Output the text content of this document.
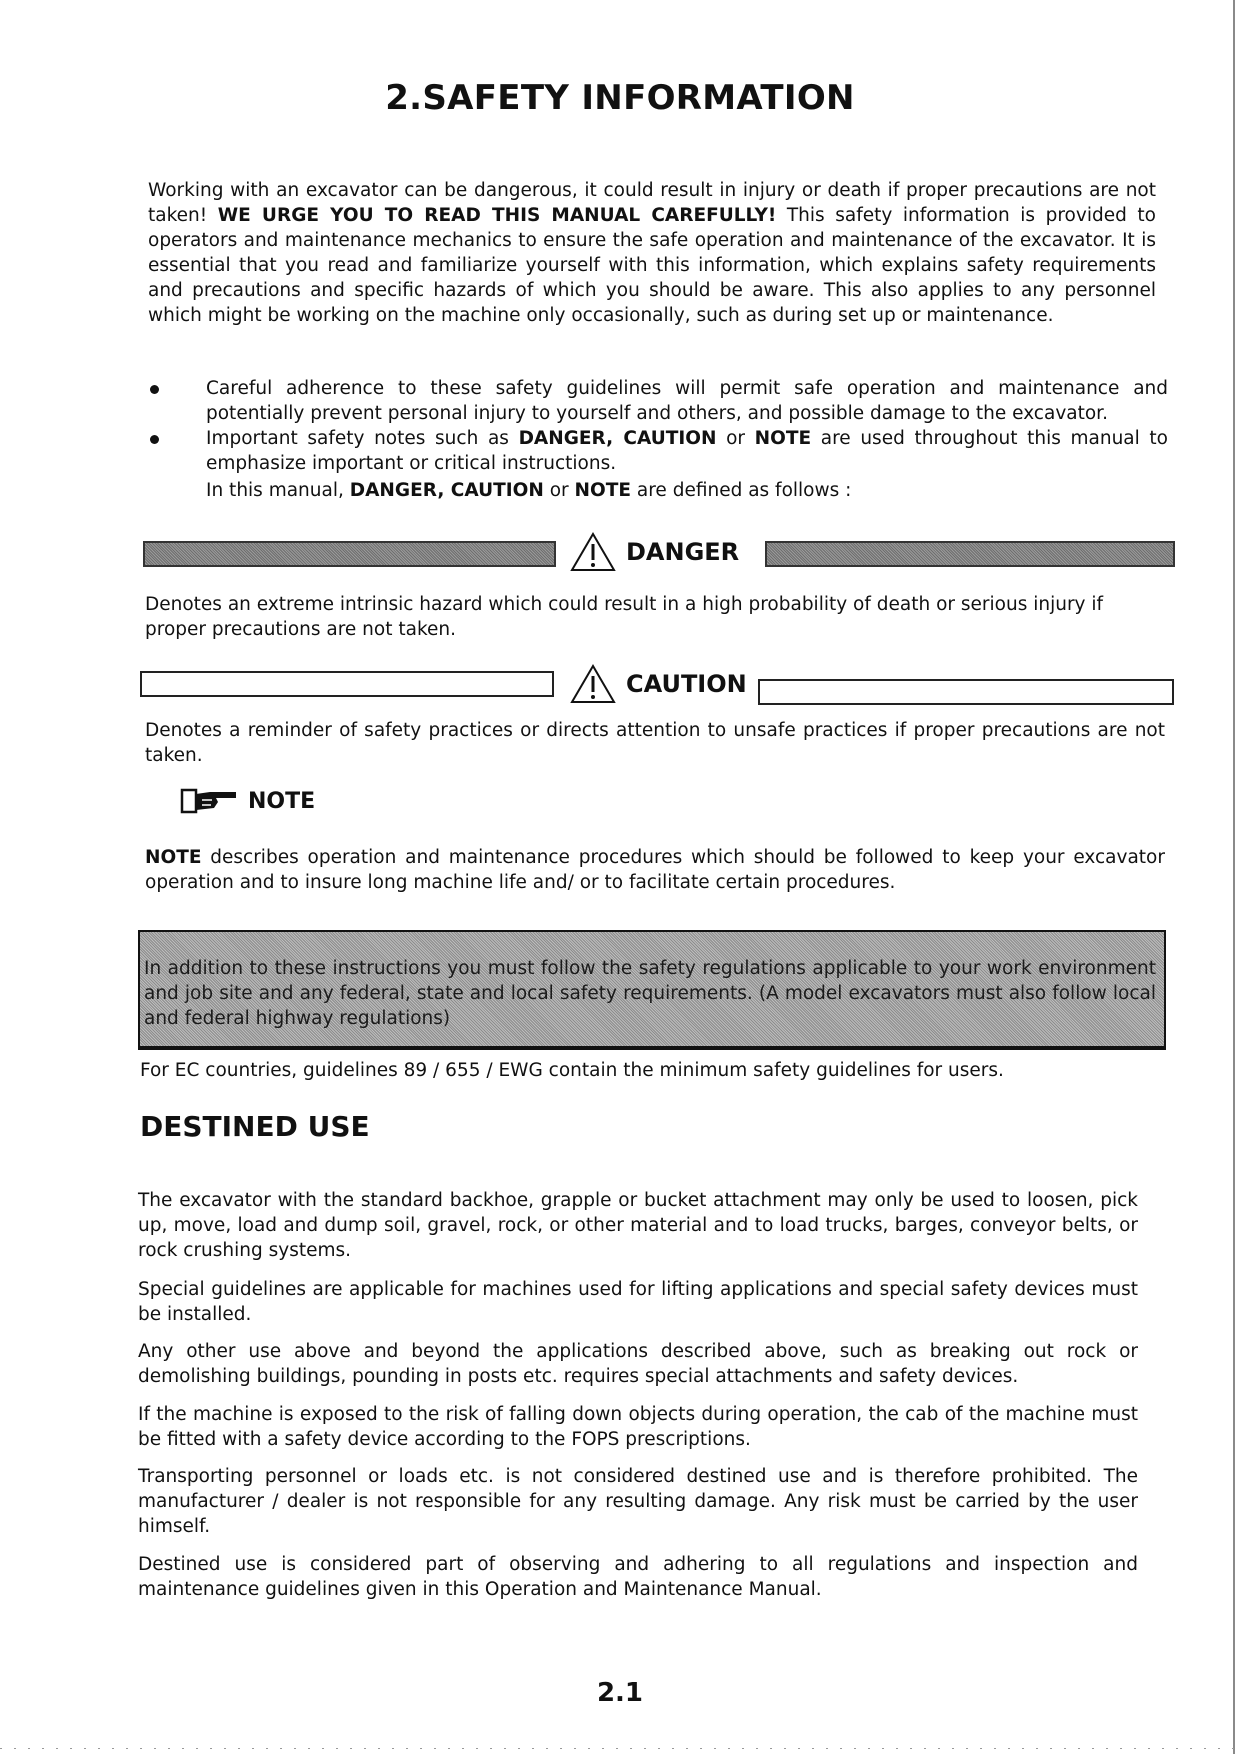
2.SAFETY INFORMATION
Working with an excavator can be dangerous, it could result in injury or death if proper precautions are not taken! WE URGE YOU TO READ THIS MANUAL CAREFULLY! This safety information is provided to operators and maintenance mechanics to ensure the safe operation and maintenance of the excavator. It is essential that you read and familiarize yourself with this information, which explains safety requirements and precautions and specific hazards of which you should be aware. This also applies to any personnel which might be working on the machine only occasionally, such as during set up or maintenance.
Careful adherence to these safety guidelines will permit safe operation and maintenance and potentially prevent personal injury to yourself and others, and possible damage to the excavator.
Important safety notes such as DANGER, CAUTION or NOTE are used throughout this manual to emphasize important or critical instructions.
In this manual, DANGER, CAUTION or NOTE are defined as follows :
DANGER
Denotes an extreme intrinsic hazard which could result in a high probability of death or serious injury if proper precautions are not taken.
CAUTION
Denotes a reminder of safety practices or directs attention to unsafe practices if proper precautions are not taken.
NOTE
NOTE describes operation and maintenance procedures which should be followed to keep your excavator operation and to insure long machine life and/ or to facilitate certain procedures.
In addition to these instructions you must follow the safety regulations applicable to your work environment and job site and any federal, state and local safety requirements. (A model excavators must also follow local and federal highway regulations)
For EC countries, guidelines 89 / 655 / EWG contain the minimum safety guidelines for users.
DESTINED USE
The excavator with the standard backhoe, grapple or bucket attachment may only be used to loosen, pick up, move, load and dump soil, gravel, rock, or other material and to load trucks, barges, conveyor belts, or rock crushing systems.
Special guidelines are applicable for machines used for lifting applications and special safety devices must be installed.
Any other use above and beyond the applications described above, such as breaking out rock or demolishing buildings, pounding in posts etc. requires special attachments and safety devices.
If the machine is exposed to the risk of falling down objects during operation, the cab of the machine must be fitted with a safety device according to the FOPS prescriptions.
Transporting personnel or loads etc. is not considered destined use and is therefore prohibited. The manufacturer / dealer is not responsible for any resulting damage. Any risk must be carried by the user himself.
Destined use is considered part of observing and adhering to all regulations and inspection and maintenance guidelines given in this Operation and Maintenance Manual.
2.1
